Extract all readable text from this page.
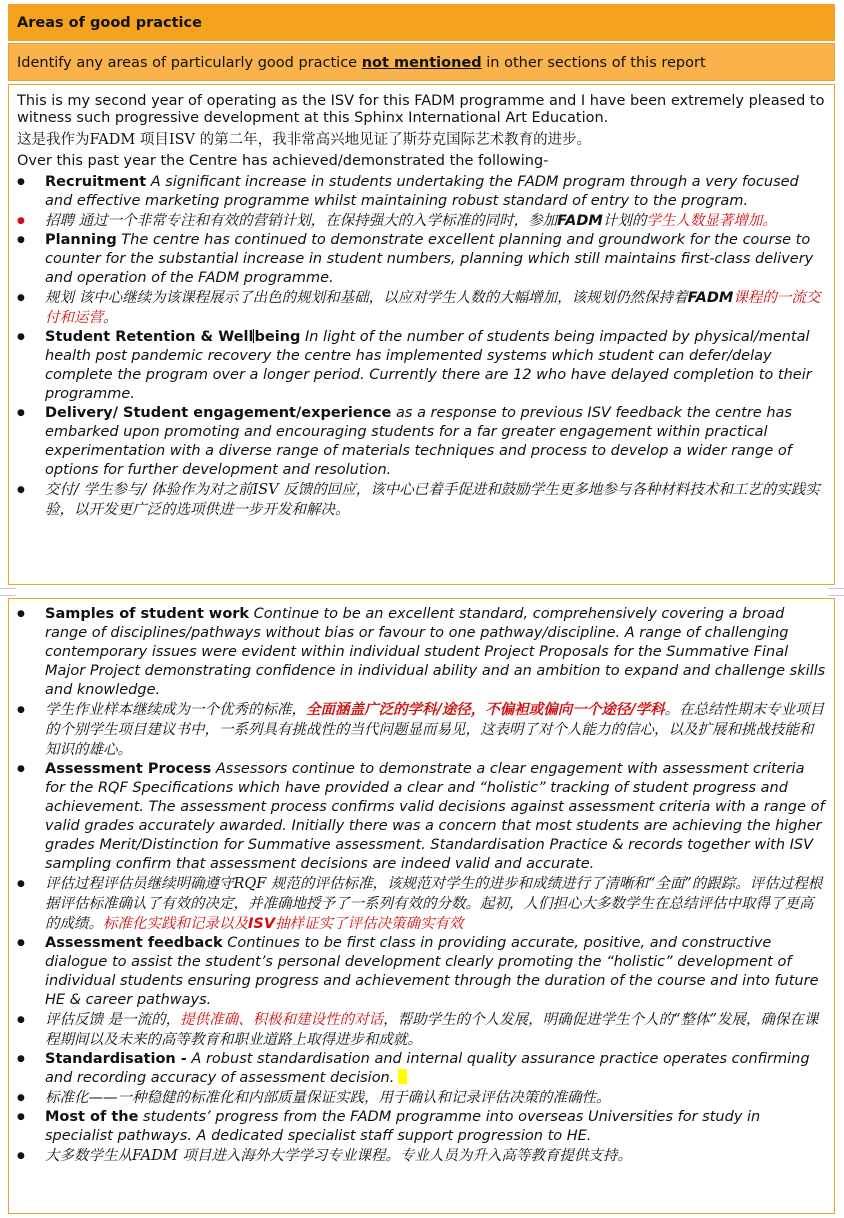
Areas of good practice
Identify any areas of particularly good practice not mentioned in other sections of this report

This is my second year of operating as the ISV for this FADM programme and I have been extremely pleased to witness such progressive development at this Sphinx International Art Education.

这是我作为FADM 项目ISV 的第二年，我非常高兴地见证了斯芬克国际艺术教育的进步。

Over this past year the Centre has achieved/demonstrated the following-

● Recruitment A significant increase in students undertaking the FADM program through a very focused and effective marketing programme whilst maintaining robust standard of entry to the program.
● 招聘 通过一个非常专注和有效的营销计划，在保持强大的入学标准的同时，参加FADM计划的学生人数显著增加。
● Planning The centre has continued to demonstrate excellent planning and groundwork for the course to counter for the substantial increase in student numbers, planning which still maintains first-class delivery and operation of the FADM programme.
● 规划 该中心继续为该课程展示了出色的规划和基础，以应对学生人数的大幅增加，该规划仍然保持着FADM课程的一流交付和运营。
● Student Retention & Wellbeing In light of the number of students being impacted by physical/mental health post pandemic recovery the centre has implemented systems which student can defer/delay complete the program over a longer period. Currently there are 12 who have delayed completion to their programme.
● Delivery/ Student engagement/experience as a response to previous ISV feedback the centre has embarked upon promoting and encouraging students for a far greater engagement within practical experimentation with a diverse range of materials techniques and process to develop a wider range of options for further development and resolution.
● 交付/ 学生参与/ 体验作为对之前ISV 反馈的回应，该中心已着手促进和鼓励学生更多地参与各种材料技术和工艺的实践实验，以开发更广泛的选项供进一步开发和解决。
● Samples of student work Continue to be an excellent standard, comprehensively covering a broad range of disciplines/pathways without bias or favour to one pathway/discipline. A range of challenging contemporary issues were evident within individual student Project Proposals for the Summative Final Major Project demonstrating confidence in individual ability and an ambition to expand and challenge skills and knowledge.
● 学生作业样本继续成为一个优秀的标准，全面涵盖广泛的学科/途径，不偏袒或偏向一个途径/学科。在总结性期末专业项目的个别学生项目建议书中，一系列具有挑战性的当代问题显而易见，这表明了对个人能力的信心，以及扩展和挑战技能和知识的雄心。
● Assessment Process Assessors continue to demonstrate a clear engagement with assessment criteria for the RQF Specifications which have provided a clear and “holistic” tracking of student progress and achievement. The assessment process confirms valid decisions against assessment criteria with a range of valid grades accurately awarded. Initially there was a concern that most students are achieving the higher grades Merit/Distinction for Summative assessment. Standardisation Practice & records together with ISV sampling confirm that assessment decisions are indeed valid and accurate.
● 评估过程评估员继续明确遵守RQF 规范的评估标准，该规范对学生的进步和成绩进行了清晰和“全面”的跟踪。评估过程根据评估标准确认了有效的决定，并准确地授予了一系列有效的分数。起初，人们担心大多数学生在总结评估中取得了更高的成绩。标准化实践和记录以及ISV抽样证实了评估决策确实有效
● Assessment feedback Continues to be first class in providing accurate, positive, and constructive dialogue to assist the student’s personal development clearly promoting the “holistic” development of individual students ensuring progress and achievement through the duration of the course and into future HE & career pathways.
● 评估反馈 是一流的，提供准确、积极和建设性的对话，帮助学生的个人发展，明确促进学生个人的“整体”发展，确保在课程期间以及未来的高等教育和职业道路上取得进步和成就。
● Standardisation - A robust standardisation and internal quality assurance practice operates confirming and recording accuracy of assessment decision.
● 标准化——一种稳健的标准化和内部质量保证实践，用于确认和记录评估决策的准确性。
● Most of the students’ progress from the FADM programme into overseas Universities for study in specialist pathways. A dedicated specialist staff support progression to HE.
● 大多数学生从FADM 项目进入海外大学学习专业课程。专业人员为升入高等教育提供支持。
